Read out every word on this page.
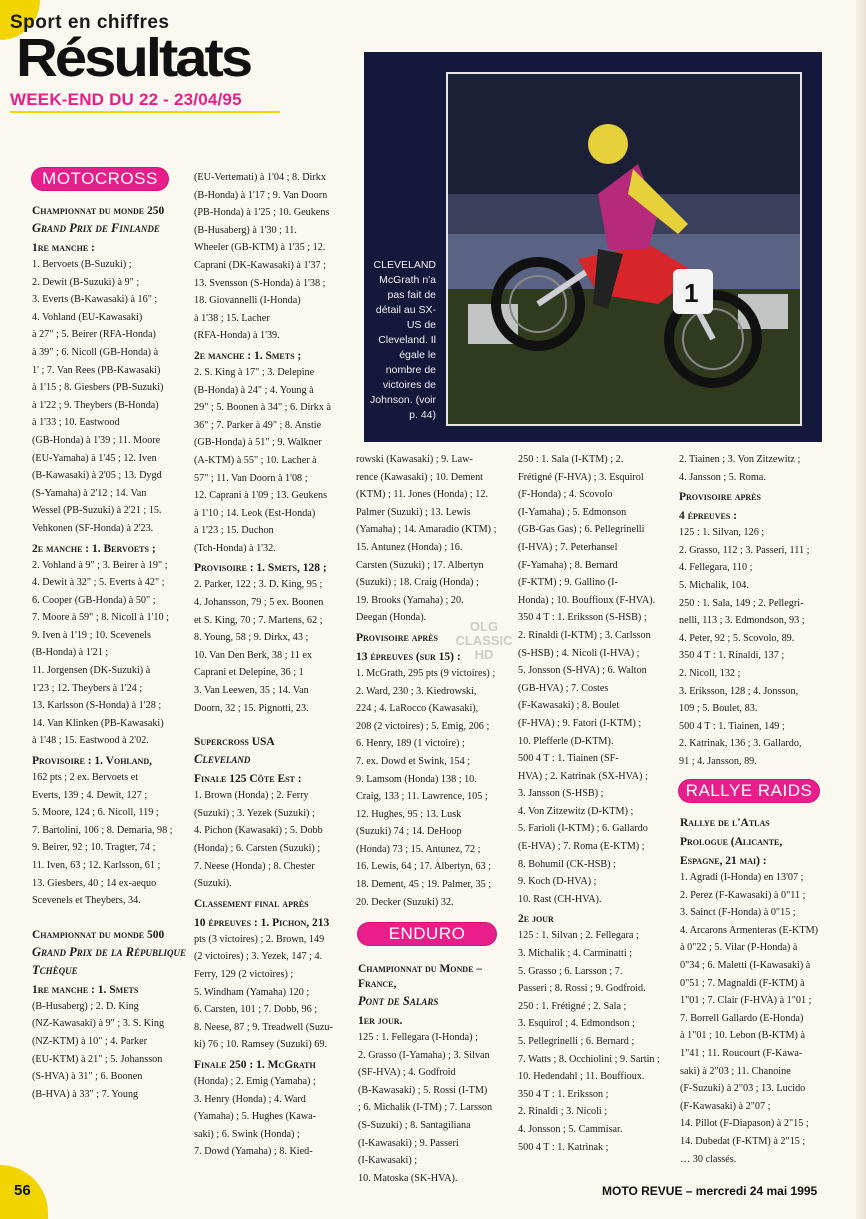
Sport en chiffres
Résultats
WEEK-END DU 22 - 23/04/95
1
CLEVELAND McGrath n'a pas fait de détail au SX-US de Cleveland. Il égale le nombre de victoires de Johnson. (voir p. 44)
MOTOCROSS
ENDURO
RALLYE RAIDS

Championnat du monde 250

Grand Prix de Finlande

1re manche :

1. Bervoets (B-Suzuki) ;

2. Dewit (B-Suzuki) à 9" ;

3. Everts (B-Kawasaki) à 16" ;

4. Vohland (EU-Kawasaki)

à 27" ; 5. Beirer (RFA-Honda)

à 39" ; 6. Nicoll (GB-Honda) à

1' ; 7. Van Rees (PB-Kawasaki)

à 1'15 ; 8. Giesbers (PB-Suzuki)

à 1'22 ; 9. Theybers (B-Honda)

à 1'33 ; 10. Eastwood

(GB-Honda) à 1'39 ; 11. Moore

(EU-Yamaha) à 1'45 ; 12. Iven

(B-Kawasaki) à 2'05 ; 13. Dygd

(S-Yamaha) à 2'12 ; 14. Van

Wessel (PB-Suzuki) à 2'21 ; 15.

Vehkonen (SF-Honda) à 2'23.

2e manche : 1. Bervoets ;

2. Vohland à 9" ; 3. Beirer à 19" ;

4. Dewit à 32" ; 5. Everts à 42" ;

6. Cooper (GB-Honda) à 50" ;

7. Moore à 59" ; 8. Nicoll à 1'10 ;

9. Iven à 1'19 ; 10. Scevenels

(B-Honda) à 1'21 ;

11. Jorgensen (DK-Suzuki) à

1'23 ; 12. Theybers à 1'24 ;

13. Karlsson (S-Honda) à 1'28 ;

14. Van Klinken (PB-Kawasaki)

à 1'48 ; 15. Eastwood à 2'02.

Provisoire : 1. Vohland,

162 pts ; 2 ex. Bervoets et

Everts, 139 ; 4. Dewit, 127 ;

5. Moore, 124 ; 6. Nicoll, 119 ;

7. Bartolini, 106 ; 8. Demaria, 98 ;

9. Beirer, 92 ; 10. Tragter, 74 ;

11. Iven, 63 ; 12. Karlsson, 61 ;

13. Giesbers, 40 ; 14 ex-aequo

Scevenels et Theybers, 34.

Championnat du monde 500

Grand Prix de la République Tchèque

1re manche : 1. Smets

(B-Husaberg) ; 2. D. King

(NZ-Kawasaki) à 9" ; 3. S. King

(NZ-KTM) à 10" ; 4. Parker

(EU-KTM) à 21" ; 5. Johansson

(S-HVA) à 31" ; 6. Boonen

(B-HVA) à 33" ; 7. Young

(EU-Vertemati) à 1'04 ; 8. Dirkx

(B-Honda) à 1'17 ; 9. Van Doorn

(PB-Honda) à 1'25 ; 10. Geukens

(B-Husaberg) à 1'30 ; 11.

Wheeler (GB-KTM) à 1'35 ; 12.

Caprani (DK-Kawasaki) à 1'37 ;

13. Svensson (S-Honda) à 1'38 ;

18. Giovannelli (I-Honda)

à 1'38 ; 15. Lacher

(RFA-Honda) à 1'39.

2e manche : 1. Smets ;

2. S. King à 17" ; 3. Delepine

(B-Honda) à 24" ; 4. Young à

29" ; 5. Boonen à 34" ; 6. Dirkx à

36" ; 7. Parker à 49" ; 8. Anstie

(GB-Honda) à 51" ; 9. Walkner

(A-KTM) à 55" ; 10. Lacher à

57" ; 11. Van Doorn à 1'08 ;

12. Caprani à 1'09 ; 13. Geukens

à 1'10 ; 14. Leok (Est-Honda)

à 1'23 ; 15. Duchon

(Tch-Honda) à 1'32.

Provisoire : 1. Smets, 128 ;

2. Parker, 122 ; 3. D. King, 95 ;

4. Johansson, 79 ; 5 ex. Boonen

et S. King, 70 ; 7. Martens, 62 ;

8. Young, 58 ; 9. Dirkx, 43 ;

10. Van Den Berk, 38 ; 11 ex

Caprani et Delepine, 36 ; 1

3. Van Leewen, 35 ; 14. Van

Doorn, 32 ; 15. Pignotti, 23.

Supercross USA

Cleveland

Finale 125 Côte Est :

1. Brown (Honda) ; 2. Ferry

(Suzuki) ; 3. Yezek (Suzuki) ;

4. Pichon (Kawasaki) ; 5. Dobb

(Honda) ; 6. Carsten (Suzuki) ;

7. Neese (Honda) ; 8. Chester

(Suzuki).

Classement final après

10 épreuves : 1. Pichon, 213

pts (3 victoires) ; 2. Brown, 149

(2 victoires) ; 3. Yezek, 147 ; 4.

Ferry, 129 (2 victoires) ;

5. Windham (Yamaha) 120 ;

6. Carsten, 101 ; 7. Dobb, 96 ;

8. Neese, 87 ; 9. Treadwell (Suzu-

ki) 76 ; 10. Ramsey (Suzuki) 69.

Finale 250 : 1. McGrath

(Honda) ; 2. Emig (Yamaha) ;

3. Henry (Honda) ; 4. Ward

(Yamaha) ; 5. Hughes (Kawa-

saki) ; 6. Swink (Honda) ;

7. Dowd (Yamaha) ; 8. Kied-

rowski (Kawasaki) ; 9. Law-

rence (Kawasaki) ; 10. Dement

(KTM) ; 11. Jones (Honda) ; 12.

Palmer (Suzuki) ; 13. Lewis

(Yamaha) ; 14. Amaradio (KTM) ;

15. Antunez (Honda) ; 16.

Carsten (Suzuki) ; 17. Albertyn

(Suzuki) ; 18. Craig (Honda) ;

19. Brooks (Yamaha) ; 20.

Deegan (Honda).

Provisoire après

13 épreuves (sur 15) :

1. McGrath, 295 pts (9 victoires) ;

2. Ward, 230 ; 3. Kiedrowski,

224 ; 4. LaRocco (Kawasaki),

208 (2 victoires) ; 5. Emig, 206 ;

6. Henry, 189 (1 victoire) ;

7. ex. Dowd et Swink, 154 ;

9. Lamsom (Honda) 138 ; 10.

Craig, 133 ; 11. Lawrence, 105 ;

12. Hughes, 95 ; 13. Lusk

(Suzuki) 74 ; 14. DeHoop

(Honda) 73 ; 15. Antunez, 72 ;

16. Lewis, 64 ; 17. Albertyn, 63 ;

18. Dement, 45 ; 19. Palmer, 35 ;

20. Decker (Suzuki) 32.

Championnat du Monde – France,

Pont de Salars

1er jour.

125 : 1. Fellegara (I-Honda) ;

2. Grasso (I-Yamaha) ; 3. Silvan

(SF-HVA) ; 4. Godfroid

(B-Kawasaki) ; 5. Rossi (I-TM)

; 6. Michalik (I-TM) ; 7. Larsson

(S-Suzuki) ; 8. Santagiliana

(I-Kawasaki) ; 9. Passeri

(I-Kawasaki) ;

10. Matoska (SK-HVA).

250 : 1. Sala (I-KTM) ; 2.

Frétigné (F-HVA) ; 3. Esquirol

(F-Honda) ; 4. Scovolo

(I-Yamaha) ; 5. Edmonson

(GB-Gas Gas) ; 6. Pellegrinelli

(I-HVA) ; 7. Peterhansel

(F-Yamaha) ; 8. Bernard

(F-KTM) ; 9. Gallino (I-

Honda) ; 10. Bouffioux (F-HVA).

350 4 T : 1. Eriksson (S-HSB) ;

2. Rinaldi (I-KTM) ; 3. Carlsson

(S-HSB) ; 4. Nicoli (I-HVA) ;

5. Jonsson (S-HVA) ; 6. Walton

(GB-HVA) ; 7. Costes

(F-Kawasaki) ; 8. Boulet

(F-HVA) ; 9. Fatori (I-KTM) ;

10. Plefferle (D-KTM).

500 4 T : 1. Tiainen (SF-

HVA) ; 2. Katrinak (SX-HVA) ;

3. Jansson (S-HSB) ;

4. Von Zitzewitz (D-KTM) ;

5. Farioli (I-KTM) ; 6. Gallardo

(E-HVA) ; 7. Roma (E-KTM) ;

8. Bohumil (CK-HSB) ;

9. Koch (D-HVA) ;

10. Rast (CH-HVA).

2e jour

125 : 1. Silvan ; 2. Fellegara ;

3. Michalik ; 4. Carminatti ;

5. Grasso ; 6. Larsson ; 7.

Passeri ; 8. Rossi ; 9. Godfroid.

250 : 1. Frétigné ; 2. Sala ;

3. Esquirol ; 4. Edmondson ;

5. Pellegrinelli ; 6. Bernard ;

7. Watts ; 8. Occhiolini ; 9. Sartin ;

10. Hedendahl ; 11. Bouffioux.

350 4 T : 1. Eriksson ;

2. Rinaldi ; 3. Nicoli ;

4. Jonsson ; 5. Cammisar.

500 4 T : 1. Katrinak ;

2. Tiainen ; 3. Von Zitzewitz ;

4. Jansson ; 5. Roma.

Provisoire après

4 épreuves :

125 : 1. Silvan, 126 ;

2. Grasso, 112 ; 3. Passeri, 111 ;

4. Fellegara, 110 ;

5. Michalik, 104.

250 : 1. Sala, 149 ; 2. Pellegri-

nelli, 113 ; 3. Edmondson, 93 ;

4. Peter, 92 ; 5. Scovolo, 89.

350 4 T : 1. Rinaldi, 137 ;

2. Nicoll, 132 ;

3. Eriksson, 128 ; 4. Jonsson,

109 ; 5. Boulet, 83.

500 4 T : 1. Tiainen, 149 ;

2. Katrinak, 136 ; 3. Gallardo,

91 ; 4. Jansson, 89.

Rallye de l'Atlas

Prologue (Alicante,

Espagne, 21 mai) :

1. Agradi (I-Honda) en 13'07 ;

2. Perez (F-Kawasaki) à 0"11 ;

3. Sainct (F-Honda) à 0"15 ;

4. Arcarons Armenteras (E-KTM)

à 0"22 ; 5. Vilar (P-Honda) à

0"34 ; 6. Maletti (I-Kawasaki) à

0"51 ; 7. Magnaldi (F-KTM) à

1"01 ; 7. Clair (F-HVA) à 1"01 ;

7. Borrell Gallardo (E-Honda)

à 1"01 ; 10. Lebon (B-KTM) à

1"41 ; 11. Roucourt (F-Kawa-

saki) à 2"03 ; 11. Chanoine

(F-Suzuki) à 2"03 ; 13. Lucido

(F-Kawasaki) à 2"07 ;

14. Pillot (F-Diapason) à 2"15 ;

14. Dubedat (F-KTM) à 2"15 ;

… 30 classés.

OLG CLASSIC HD
56	MOTO REVUE – mercredi 24 mai 1995
